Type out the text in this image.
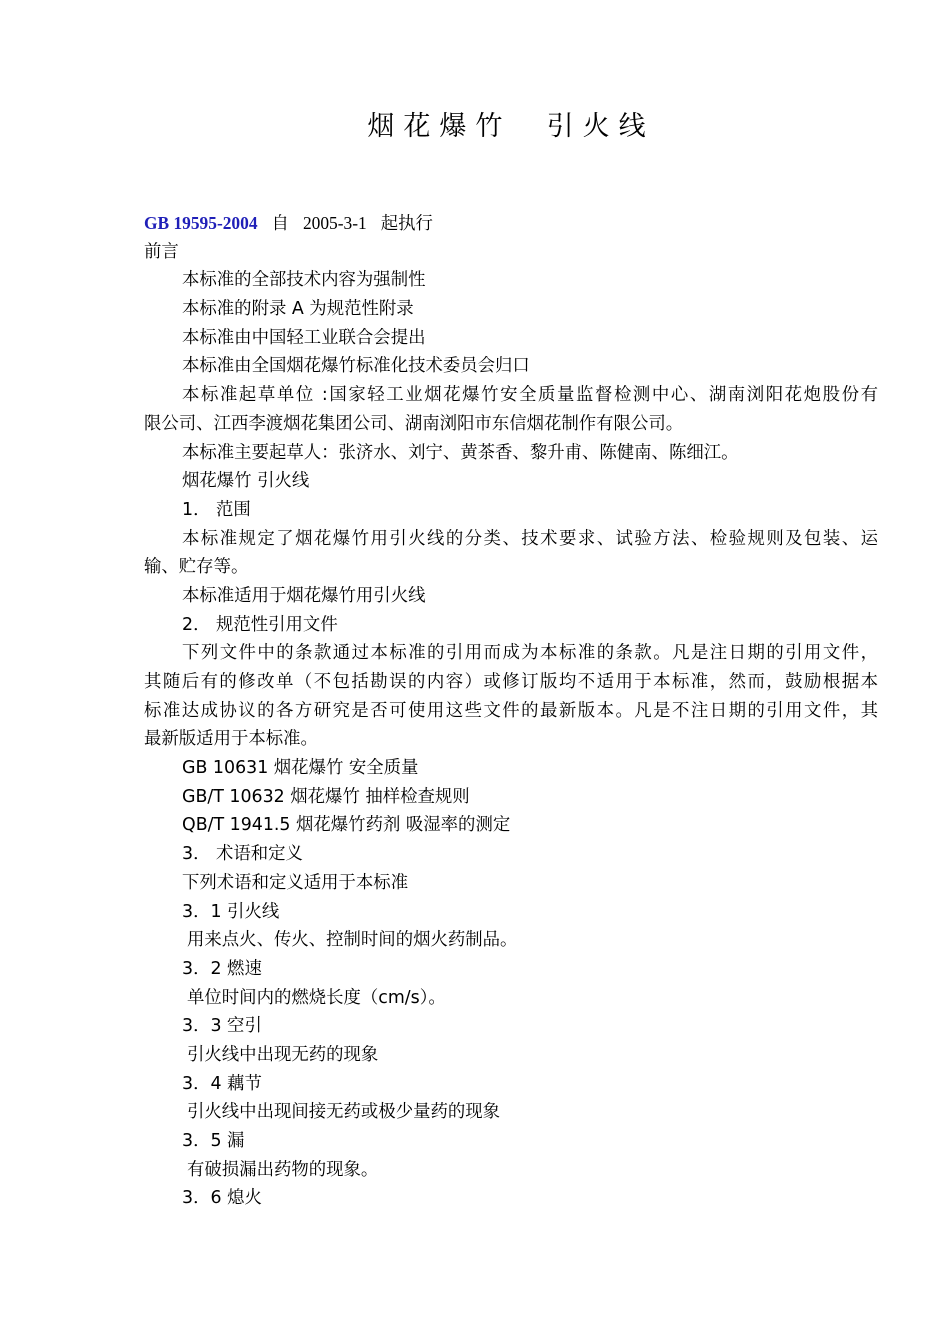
烟花爆竹  引火线
GB 19595-2004 自 2005-3-1 起执行
前言
本标准的全部技术内容为强制性
本标准的附录 A 为规范性附录
本标准由中国轻工业联合会提出
本标准由全国烟花爆竹标准化技术委员会归口
本标准起草单位 :国家轻工业烟花爆竹安全质量监督检测中心、湖南浏阳花炮股份有
限公司、江西李渡烟花集团公司、湖南浏阳市东信烟花制作有限公司。
本标准主要起草人：张济水、刘宁、黄茶香、黎升甫、陈健南、陈细江。
烟花爆竹 引火线
1． 范围
本标准规定了烟花爆竹用引火线的分类、技术要求、试验方法、检验规则及包装、运
输、贮存等。
本标准适用于烟花爆竹用引火线
2． 规范性引用文件
下列文件中的条款通过本标准的引用而成为本标准的条款。凡是注日期的引用文件，
其随后有的修改单（不包括勘误的内容）或修订版均不适用于本标准，然而，鼓励根据本
标准达成协议的各方研究是否可使用这些文件的最新版本。凡是不注日期的引用文件，其
最新版适用于本标准。
GB 10631 烟花爆竹 安全质量
GB/T 10632 烟花爆竹 抽样检查规则
QB/T 1941.5 烟花爆竹药剂 吸湿率的测定
3． 术语和定义
下列术语和定义适用于本标准
3．1 引火线
用来点火、传火、控制时间的烟火药制品。
3．2 燃速
单位时间内的燃烧长度（cm/s）。
3．3 空引
引火线中出现无药的现象
3．4 藕节
引火线中出现间接无药或极少量药的现象
3．5 漏
有破损漏出药物的现象。
3．6 熄火
